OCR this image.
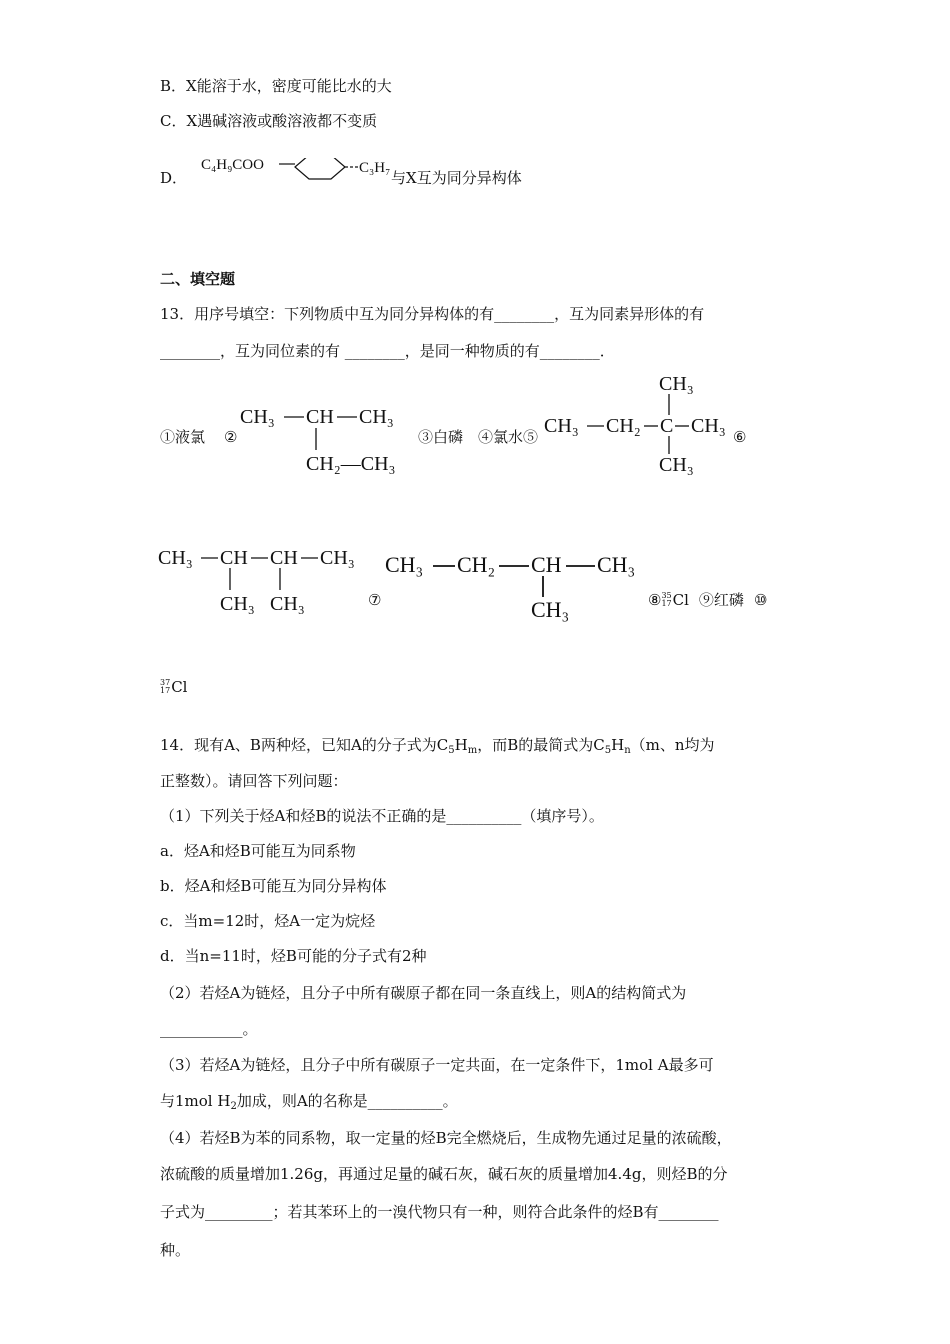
B．X能溶于水，密度可能比水的大
C．X遇碱溶液或酸溶液都不变质
D．
C₄H₉COO	C₃H₇
与X互为同分异构体
二、填空题
13．用序号填空：下列物质中互为同分异构体的有________，互为同素异形体的有
________，互为同位素的有 ________，是同一种物质的有________．
①液氯 ②
CH₃ CH CH₃
CH₂—CH₃
③白磷 ④氯水⑤
CH₃
CH₃ CH₂ C CH₃
CH₃
⑥
CH₃ CH CH CH₃
CH₃ CH₃	⑦
CH₃ CH₂ CH CH₃
CH₃	⑧ 35
17 Cl ⑨红磷 ⑩
37
17 Cl
14．现有A、B两种烃，已知A的分子式为$C_5H_m$，而B的最简式为$C_5H_n(m$、n均为
正整数）。请回答下列问题：
（1）下列关于烃A和烃B的说法不正确的是__________（填序号）。
a．烃A和烃B可能互为同系物
b．烃A和烃B可能互为同分异构体
c．当m=12时，烃A一定为烷烃
d．当n=11时，烃B可能的分子式有2种
（2）若烃A为链烃，且分子中所有碳原子都在同一条直线上，则A的结构简式为
___________。
（3）若烃A为链烃，且分子中所有碳原子一定共面，在一定条件下，1mol A最多可
与1mol $H_2$加成，则A的名称是__________。
（4）若烃B为苯的同系物，取一定量的烃B完全燃烧后，生成物先通过足量的浓硫酸，
浓硫酸的质量增加1.26g，再通过足量的碱石灰，碱石灰的质量增加4.4g，则烃B的分
子式为_________；若其苯环上的一溴代物只有一种，则符合此条件的烃B有________
种。
